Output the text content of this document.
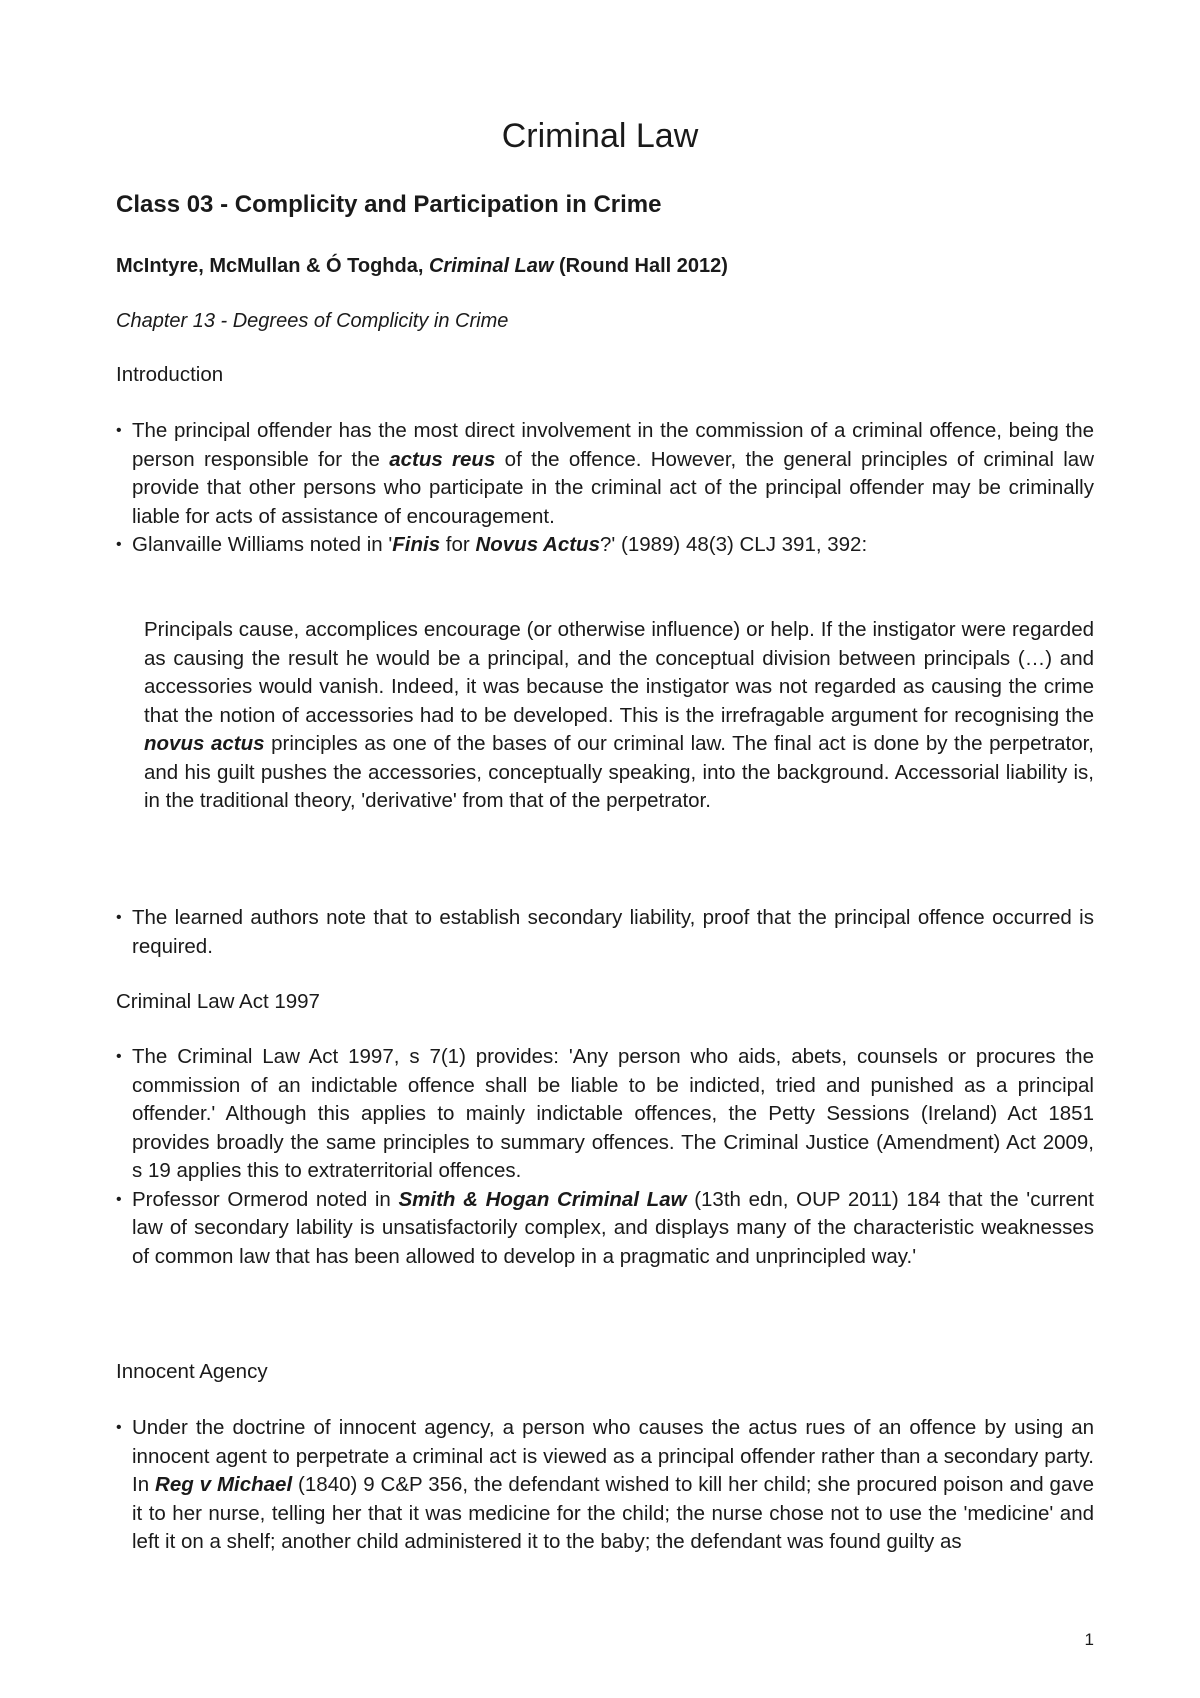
Criminal Law
Class 03 - Complicity and Participation in Crime

McIntyre, McMullan & Ó Toghda, Criminal Law (Round Hall 2012)

Chapter 13 - Degrees of Complicity in Crime

Introduction
• The principal offender has the most direct involvement in the commission of a criminal offence, being the person responsible for the actus reus of the offence. However, the general principles of criminal law provide that other persons who participate in the criminal act of the principal offender may be criminally liable for acts of assistance of encouragement.
• Glanvaille Williams noted in 'Finis for Novus Actus?' (1989) 48(3) CLJ 391, 392:
Principals cause, accomplices encourage (or otherwise influence) or help. If the instigator were regarded as causing the result he would be a principal, and the conceptual division between principals (…) and accessories would vanish. Indeed, it was because the instigator was not regarded as causing the crime that the notion of accessories had to be developed. This is the irrefragable argument for recognising the novus actus principles as one of the bases of our criminal law. The final act is done by the perpetrator, and his guilt pushes the accessories, conceptually speaking, into the background. Accessorial liability is, in the traditional theory, 'derivative' from that of the perpetrator.
• The learned authors note that to establish secondary liability, proof that the principal offence occurred is required.
Criminal Law Act 1997
• The Criminal Law Act 1997, s 7(1) provides: 'Any person who aids, abets, counsels or procures the commission of an indictable offence shall be liable to be indicted, tried and punished as a principal offender.' Although this applies to mainly indictable offences, the Petty Sessions (Ireland) Act 1851 provides broadly the same principles to summary offences. The Criminal Justice (Amendment) Act 2009, s 19 applies this to extraterritorial offences.
• Professor Ormerod noted in Smith & Hogan Criminal Law (13th edn, OUP 2011) 184 that the 'current law of secondary lability is unsatisfactorily complex, and displays many of the characteristic weaknesses of common law that has been allowed to develop in a pragmatic and unprincipled way.'
Innocent Agency
• Under the doctrine of innocent agency, a person who causes the actus rues of an offence by using an innocent agent to perpetrate a criminal act is viewed as a principal offender rather than a secondary party. In Reg v Michael (1840) 9 C&P 356, the defendant wished to kill her child; she procured poison and gave it to her nurse, telling her that it was medicine for the child; the nurse chose not to use the 'medicine' and left it on a shelf; another child administered it to the baby; the defendant was found guilty as
1
